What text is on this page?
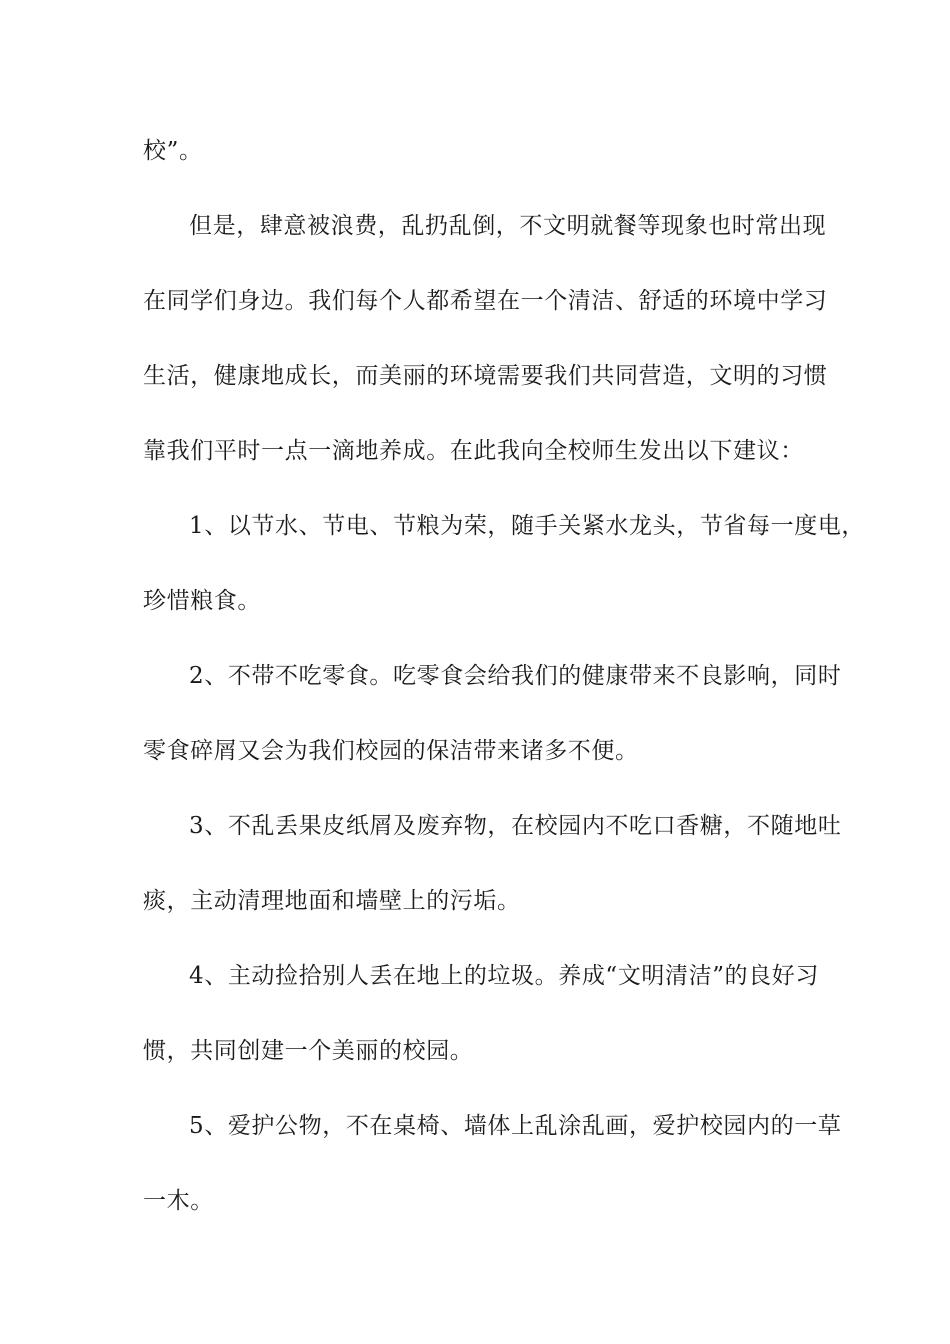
校”。
但是，肆意被浪费，乱扔乱倒，不文明就餐等现象也时常出现
在同学们身边。我们每个人都希望在一个清洁、舒适的环境中学习
生活，健康地成长，而美丽的环境需要我们共同营造，文明的习惯
靠我们平时一点一滴地养成。在此我向全校师生发出以下建议：
1、以节水、节电、节粮为荣，随手关紧水龙头，节省每一度电，
珍惜粮食。
2、不带不吃零食。吃零食会给我们的健康带来不良影响，同时
零食碎屑又会为我们校园的保洁带来诸多不便。
3、不乱丢果皮纸屑及废弃物，在校园内不吃口香糖，不随地吐
痰，主动清理地面和墙壁上的污垢。
4、主动捡拾别人丢在地上的垃圾。养成“文明清洁”的良好习
惯，共同创建一个美丽的校园。
5、爱护公物，不在桌椅、墙体上乱涂乱画，爱护校园内的一草
一木。
